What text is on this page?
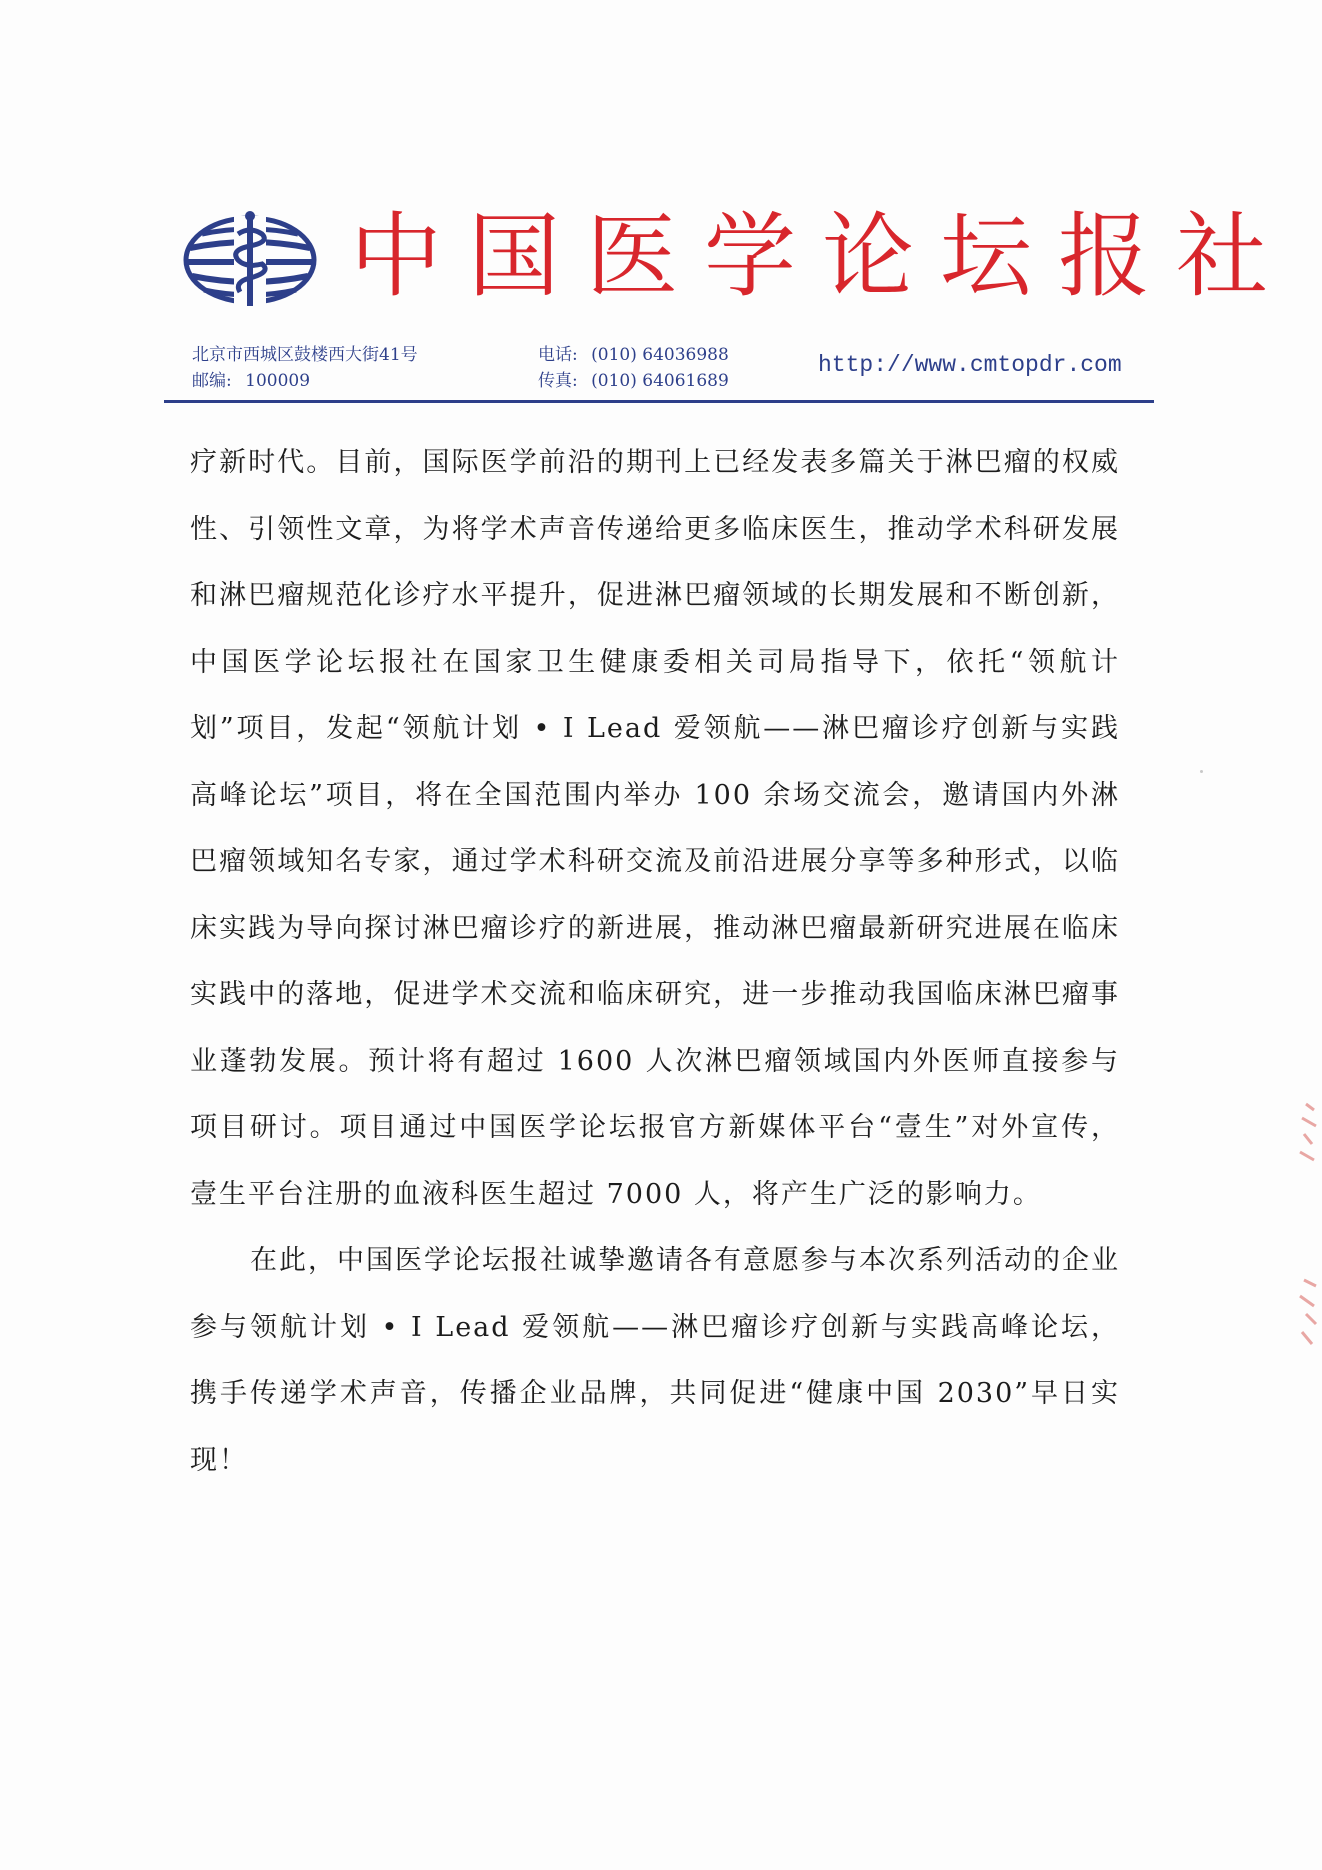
中国医学论坛报社
北京市西城区鼓楼西大街41号
邮编: 100009
电话: (010) 64036988
传真: (010) 64061689
http://www.cmtopdr.com

疗新时代。目前，国际医学前沿的期刊上已经发表多篇关于淋巴瘤的权威性、引领性文章，为将学术声音传递给更多临床医生，推动学术科研发展和淋巴瘤规范化诊疗水平提升，促进淋巴瘤领域的长期发展和不断创新，中国医学论坛报社在国家卫生健康委相关司局指导下，依托“领航计划”项目，发起“领航计划 • I Lead 爱领航——淋巴瘤诊疗创新与实践高峰论坛”项目，将在全国范围内举办 100 余场交流会，邀请国内外淋巴瘤领域知名专家，通过学术科研交流及前沿进展分享等多种形式，以临床实践为导向探讨淋巴瘤诊疗的新进展，推动淋巴瘤最新研究进展在临床实践中的落地，促进学术交流和临床研究，进一步推动我国临床淋巴瘤事业蓬勃发展。预计将有超过 1600 人次淋巴瘤领域国内外医师直接参与项目研讨。项目通过中国医学论坛报官方新媒体平台“壹生”对外宣传，壹生平台注册的血液科医生超过 7000 人，将产生广泛的影响力。

在此，中国医学论坛报社诚挚邀请各有意愿参与本次系列活动的企业参与领航计划 • I Lead 爱领航——淋巴瘤诊疗创新与实践高峰论坛，携手传递学术声音，传播企业品牌，共同促进“健康中国 2030”早日实现！
